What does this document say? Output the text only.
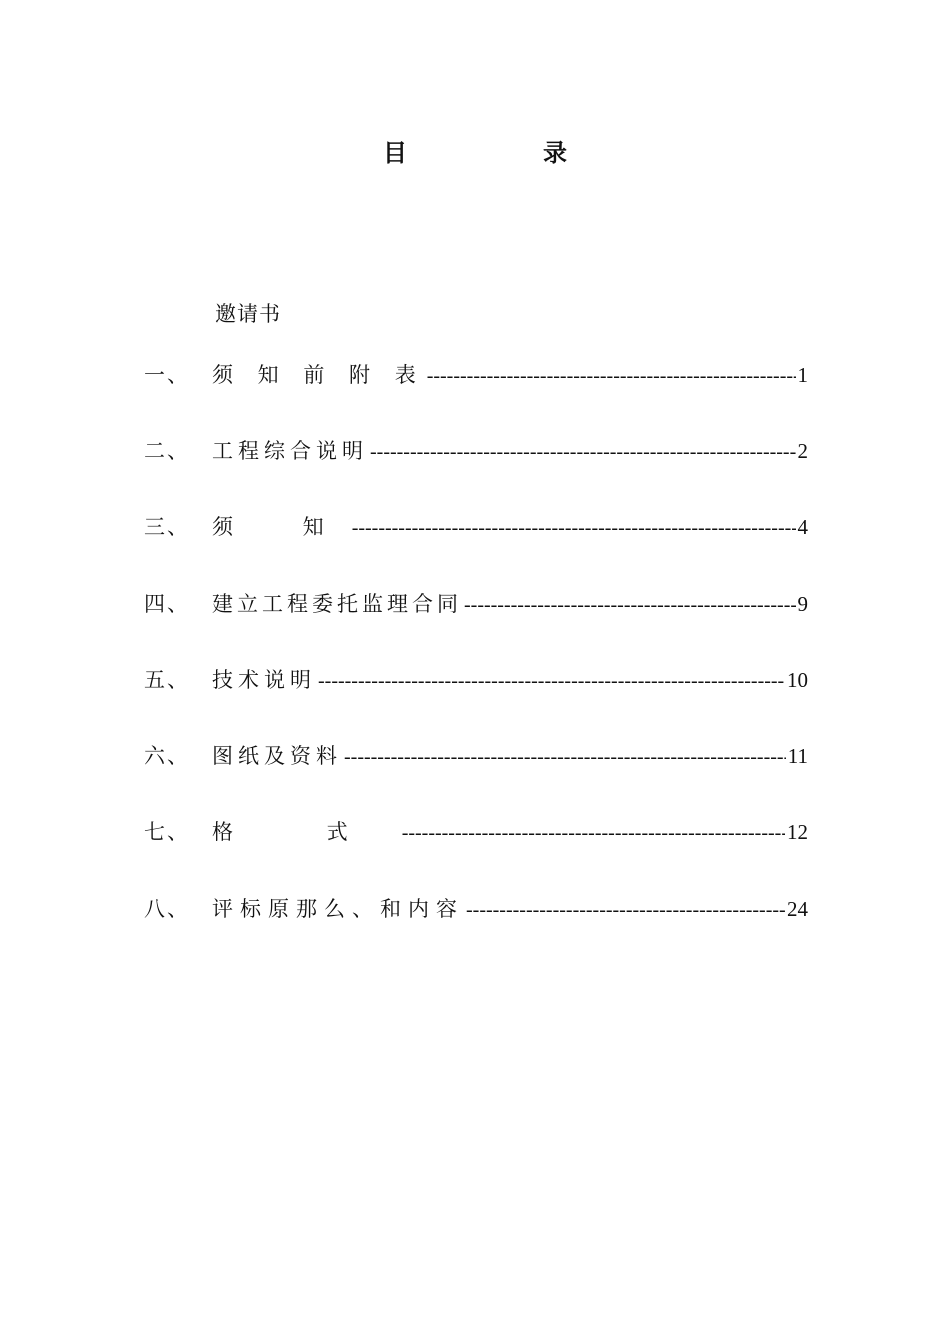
目　录
邀请书
一、	须 知 前 附 表 -----	1
二、	工程综合说明 -----	2
三、	须　 知 -----	4
四、	建立工程委托监理合同 -----	9
五、	技术说明 -----	10
六、	图纸及资料 -----	11
七、	格　 式 -----	12
八、	评标原那么、和内容 -----	24
